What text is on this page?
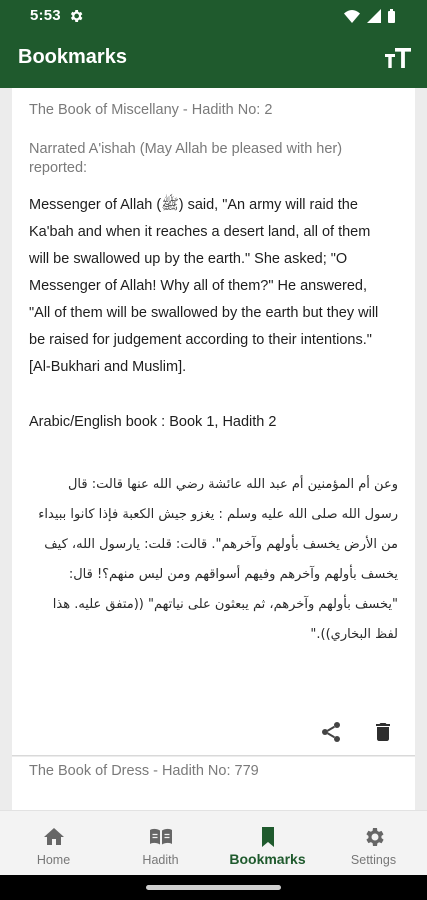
5:53
Bookmarks
The Book of Miscellany - Hadith No: 2
Narrated A'ishah (May Allah be pleased with her) reported:
Messenger of Allah (ﷺ) said, "An army will raid the Ka'bah and when it reaches a desert land, all of them will be swallowed up by the earth." She asked; "O Messenger of Allah! Why all of them?" He answered, "All of them will be swallowed by the earth but they will be raised for judgement according to their intentions." [Al-Bukhari and Muslim].
Arabic/English book : Book 1, Hadith 2
وعن أم المؤمنين أم عبد الله عائشة رضي الله عنها قالت: قال رسول الله صلى الله عليه وسلم : يغزو جيش الكعبة فإذا كانوا ببيداء من الأرض يخسف بأولهم وآخرهم". قالت: قلت: يارسول الله، كيف يخسف بأولهم وآخرهم وفيهم أسواقهم ومن ليس منهم؟! قال: "يخسف بأولهم وآخرهم، ثم يبعثون على نياتهم" ((متفق عليه. هذا لفظ البخاري))."
The Book of Dress - Hadith No: 779
Home	Hadith	Bookmarks	Settings
